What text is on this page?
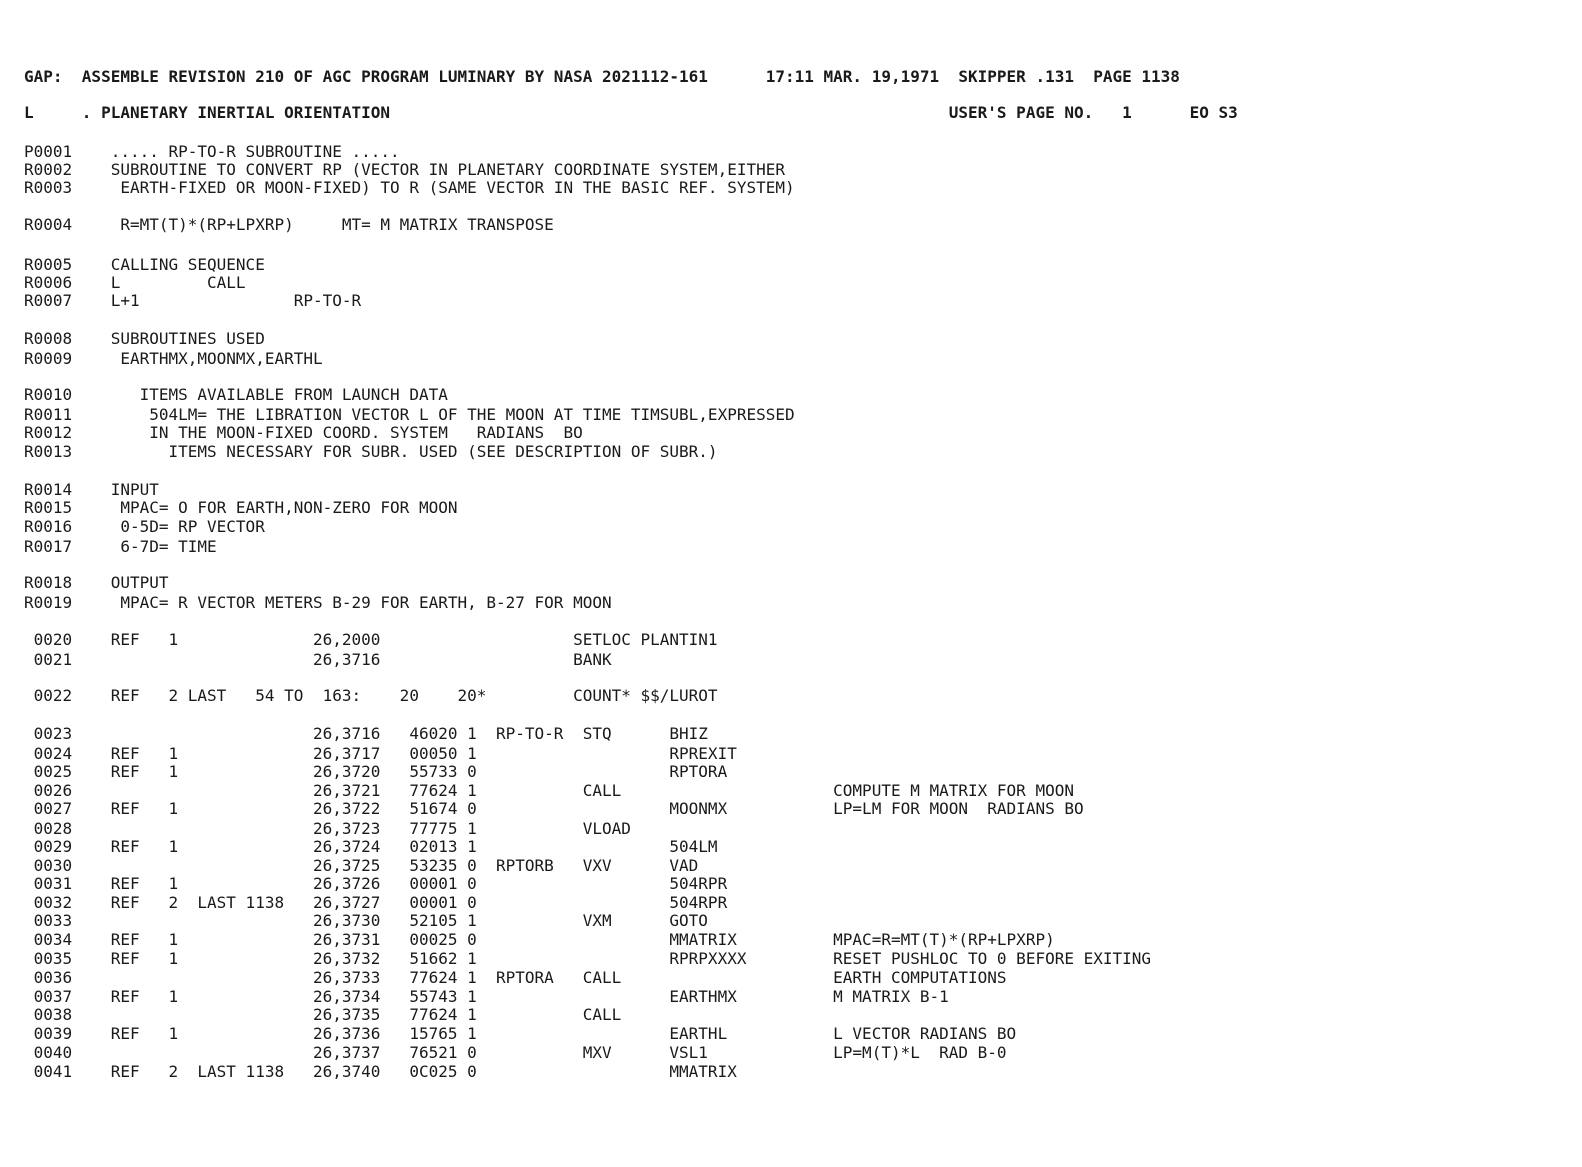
GAP:  ASSEMBLE REVISION 210 OF AGC PROGRAM LUMINARY BY NASA 2021112-161      17:11 MAR. 19,1971  SKIPPER .131  PAGE 1138
L     . PLANETARY INERTIAL ORIENTATION                                                          USER'S PAGE NO.   1      EO S3
P0001    ..... RP-TO-R SUBROUTINE .....
R0002    SUBROUTINE TO CONVERT RP (VECTOR IN PLANETARY COORDINATE SYSTEM,EITHER
R0003     EARTH-FIXED OR MOON-FIXED) TO R (SAME VECTOR IN THE BASIC REF. SYSTEM)
R0004     R=MT(T)*(RP+LPXRP)     MT= M MATRIX TRANSPOSE
R0005    CALLING SEQUENCE
R0006    L         CALL
R0007    L+1                RP-TO-R
R0008    SUBROUTINES USED
R0009     EARTHMX,MOONMX,EARTHL
R0010       ITEMS AVAILABLE FROM LAUNCH DATA
R0011        504LM= THE LIBRATION VECTOR L OF THE MOON AT TIME TIMSUBL,EXPRESSED
R0012        IN THE MOON-FIXED COORD. SYSTEM   RADIANS  BO
R0013          ITEMS NECESSARY FOR SUBR. USED (SEE DESCRIPTION OF SUBR.)
R0014    INPUT
R0015     MPAC= O FOR EARTH,NON-ZERO FOR MOON
R0016     0-5D= RP VECTOR
R0017     6-7D= TIME
R0018    OUTPUT
R0019     MPAC= R VECTOR METERS B-29 FOR EARTH, B-27 FOR MOON
0020    REF   1              26,2000                    SETLOC PLANTIN1
0021                         26,3716                    BANK
0022    REF   2 LAST   54 TO  163:    20    20*         COUNT* $$/LUROT
0023                         26,3716   46020 1  RP-TO-R  STQ      BHIZ
0024    REF   1              26,3717   00050 1                    RPREXIT
0025    REF   1              26,3720   55733 0                    RPTORA
0026                         26,3721   77624 1           CALL                      COMPUTE M MATRIX FOR MOON
0027    REF   1              26,3722   51674 0                    MOONMX           LP=LM FOR MOON  RADIANS BO
0028                         26,3723   77775 1           VLOAD
0029    REF   1              26,3724   02013 1                    504LM
0030                         26,3725   53235 0  RPTORB   VXV      VAD
0031    REF   1              26,3726   00001 0                    504RPR
0032    REF   2  LAST 1138   26,3727   00001 0                    504RPR
0033                         26,3730   52105 1           VXM      GOTO
0034    REF   1              26,3731   00025 0                    MMATRIX          MPAC=R=MT(T)*(RP+LPXRP)
0035    REF   1              26,3732   51662 1                    RPRPXXXX         RESET PUSHLOC TO 0 BEFORE EXITING
0036                         26,3733   77624 1  RPTORA   CALL                      EARTH COMPUTATIONS
0037    REF   1              26,3734   55743 1                    EARTHMX          M MATRIX B-1
0038                         26,3735   77624 1           CALL
0039    REF   1              26,3736   15765 1                    EARTHL           L VECTOR RADIANS BO
0040                         26,3737   76521 0           MXV      VSL1             LP=M(T)*L  RAD B-0
0041    REF   2  LAST 1138   26,3740   0C025 0                    MMATRIX
